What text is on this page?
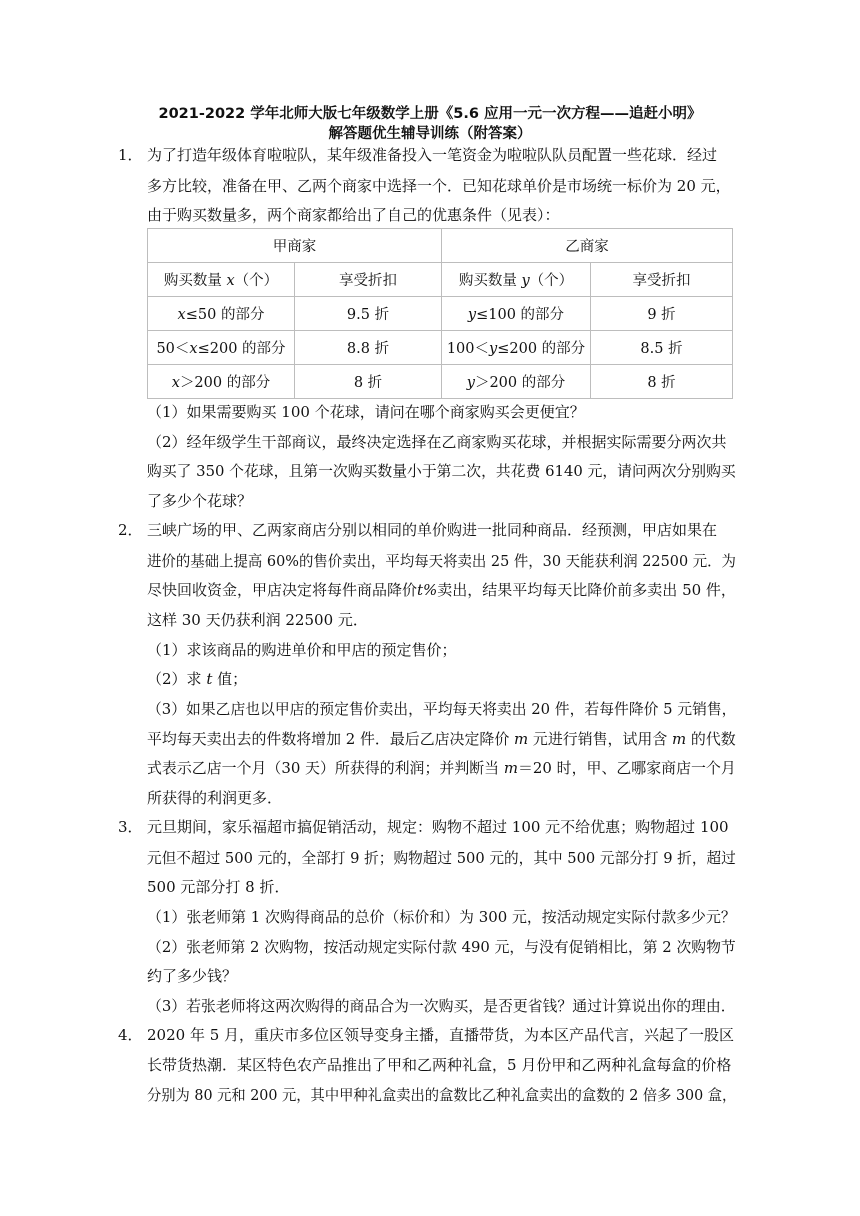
2021-2022 学年北师大版七年级数学上册《5.6 应用一元一次方程——追赶小明》
解答题优生辅导训练（附答案）
1． 为了打造年级体育啦啦队，某年级准备投入一笔资金为啦啦队队员配置一些花球．经过
多方比较，准备在甲、乙两个商家中选择一个．已知花球单价是市场统一标价为 20 元，
由于购买数量多，两个商家都给出了自己的优惠条件（见表）：
甲商家		乙商家	
购买数量 x（个）	享受折扣	购买数量 y（个）	享受折扣
x≤50 的部分	9.5 折	y≤100 的部分	9 折
50＜x≤200 的部分	8.8 折	100＜y≤200 的部分	8.5 折
x＞200 的部分	8 折	y＞200 的部分	8 折
（1）如果需要购买 100 个花球，请问在哪个商家购买会更便宜？
（2）经年级学生干部商议，最终决定选择在乙商家购买花球，并根据实际需要分两次共
购买了 350 个花球，且第一次购买数量小于第二次，共花费 6140 元，请问两次分别购买
了多少个花球？
2． 三峡广场的甲、乙两家商店分别以相同的单价购进一批同种商品．经预测，甲店如果在
进价的基础上提高 60%的售价卖出，平均每天将卖出 25 件，30 天能获利润 22500 元．为
尽快回收资金，甲店决定将每件商品降价t%卖出，结果平均每天比降价前多卖出 50 件，
这样 30 天仍获利润 22500 元．
（1）求该商品的购进单价和甲店的预定售价；
（2）求 t 值；
（3）如果乙店也以甲店的预定售价卖出，平均每天将卖出 20 件，若每件降价 5 元销售，
平均每天卖出去的件数将增加 2 件．最后乙店决定降价 m 元进行销售，试用含 m 的代数
式表示乙店一个月（30 天）所获得的利润；并判断当 m＝20 时，甲、乙哪家商店一个月
所获得的利润更多．
3． 元旦期间，家乐福超市搞促销活动，规定：购物不超过 100 元不给优惠；购物超过 100
元但不超过 500 元的，全部打 9 折；购物超过 500 元的，其中 500 元部分打 9 折，超过
500 元部分打 8 折．
（1）张老师第 1 次购得商品的总价（标价和）为 300 元，按活动规定实际付款多少元？
（2）张老师第 2 次购物，按活动规定实际付款 490 元，与没有促销相比，第 2 次购物节
约了多少钱？
（3）若张老师将这两次购得的商品合为一次购买，是否更省钱？通过计算说出你的理由．
4． 2020 年 5 月，重庆市多位区领导变身主播，直播带货，为本区产品代言，兴起了一股区
长带货热潮．某区特色农产品推出了甲和乙两种礼盒，5 月份甲和乙两种礼盒每盒的价格
分别为 80 元和 200 元，其中甲种礼盒卖出的盒数比乙种礼盒卖出的盒数的 2 倍多 300 盒，
